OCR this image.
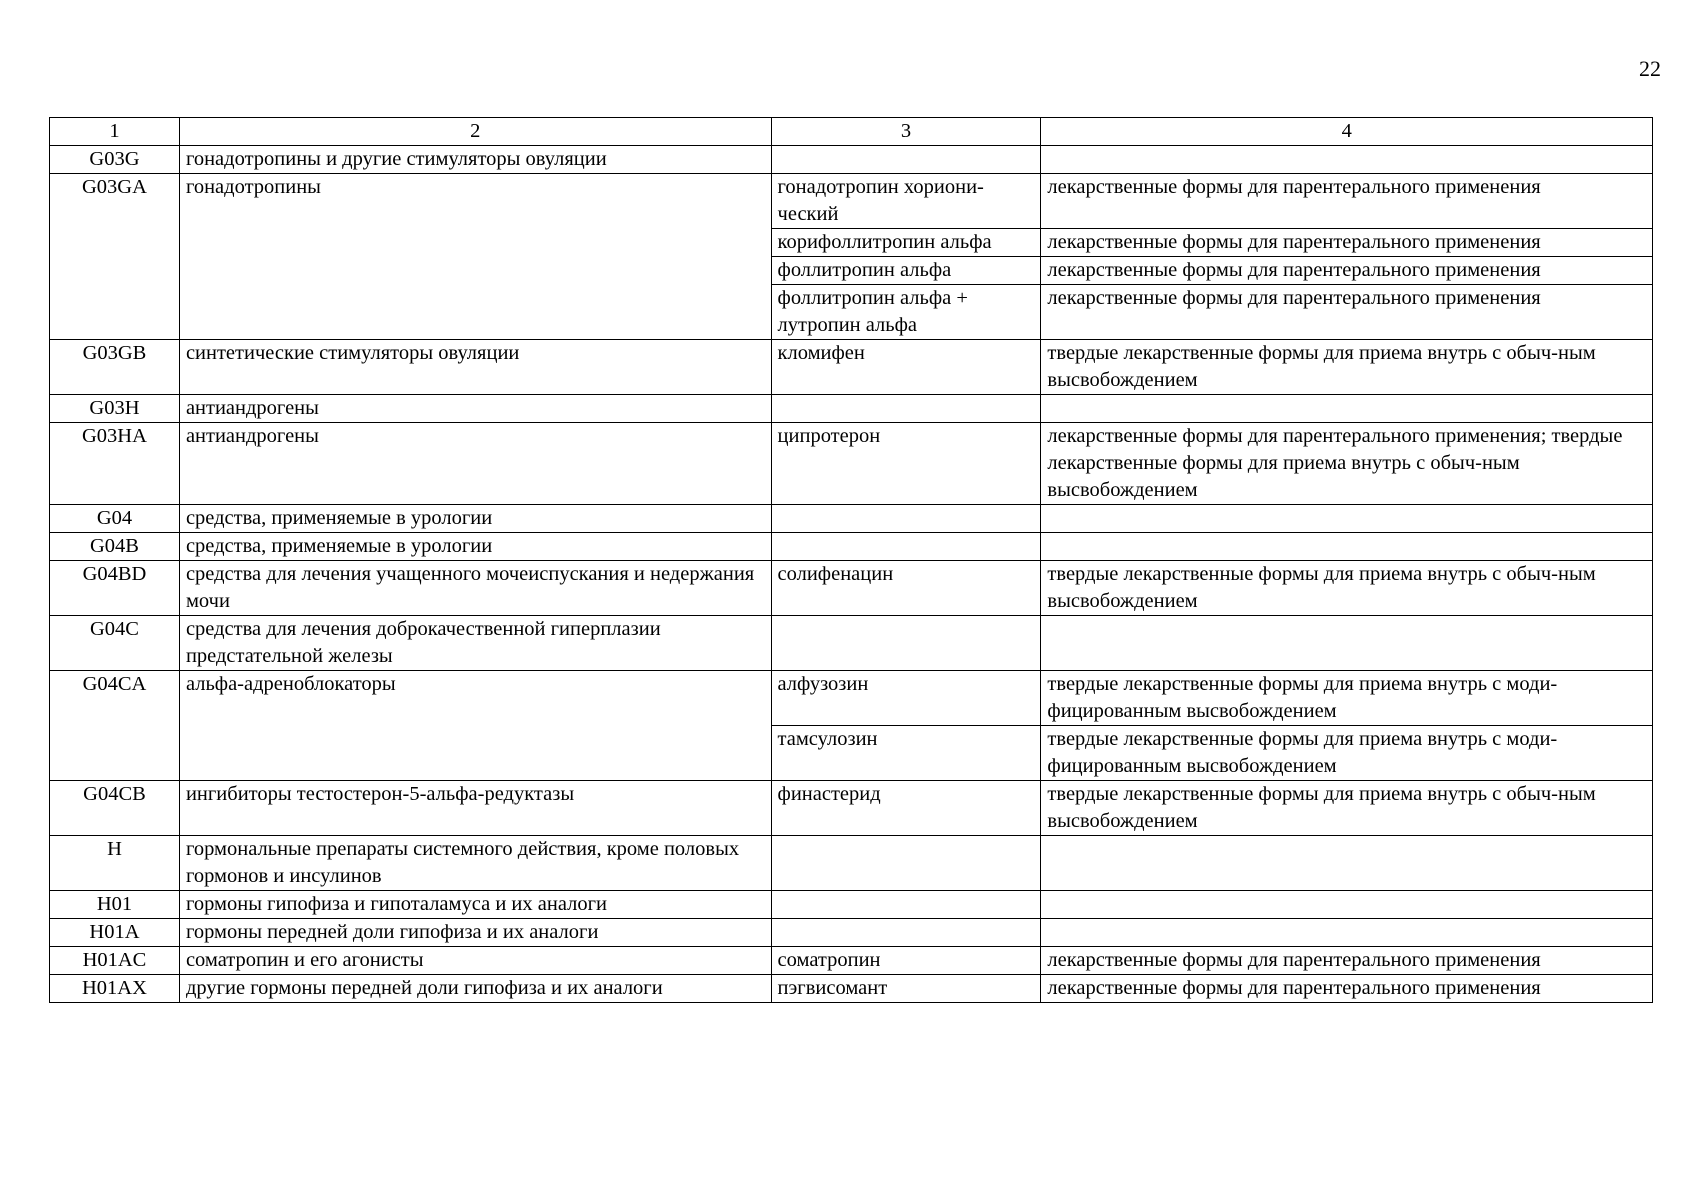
22
1	2	3	4
G03G	гонадотропины и другие стимуляторы овуляции		
G03GA	гонадотропины	гонадотропин хориони-ческий	лекарственные формы для парентерального применения
		корифоллитропин альфа	лекарственные формы для парентерального применения
		фоллитропин альфа	лекарственные формы для парентерального применения
		фоллитропин альфа + лутропин альфа	лекарственные формы для парентерального применения
G03GB	синтетические стимуляторы овуляции	кломифен	твердые лекарственные формы для приема внутрь с обыч-ным высвобождением
G03H	антиандрогены		
G03HA	антиандрогены	ципротерон	лекарственные формы для парентерального применения; твердые лекарственные формы для приема внутрь с обыч-ным высвобождением
G04	средства, применяемые в урологии		
G04B	средства, применяемые в урологии		
G04BD	средства для лечения учащенного мочеиспускания и недержания мочи	солифенацин	твердые лекарственные формы для приема внутрь с обыч-ным высвобождением
G04C	средства для лечения доброкачественной гиперплазии предстательной железы		
G04CA	альфа-адреноблокаторы	алфузозин	твердые лекарственные формы для приема внутрь с моди-фицированным высвобождением
		тамсулозин	твердые лекарственные формы для приема внутрь с моди-фицированным высвобождением
G04CB	ингибиторы тестостерон-5-альфа-редуктазы	финастерид	твердые лекарственные формы для приема внутрь с обыч-ным высвобождением
H	гормональные препараты системного действия, кроме половых гормонов и инсулинов		
H01	гормоны гипофиза и гипоталамуса и их аналоги		
H01A	гормоны передней доли гипофиза и их аналоги		
H01AC	соматропин и его агонисты	соматропин	лекарственные формы для парентерального применения
H01AX	другие гормоны передней доли гипофиза и их аналоги	пэгвисомант	лекарственные формы для парентерального применения
